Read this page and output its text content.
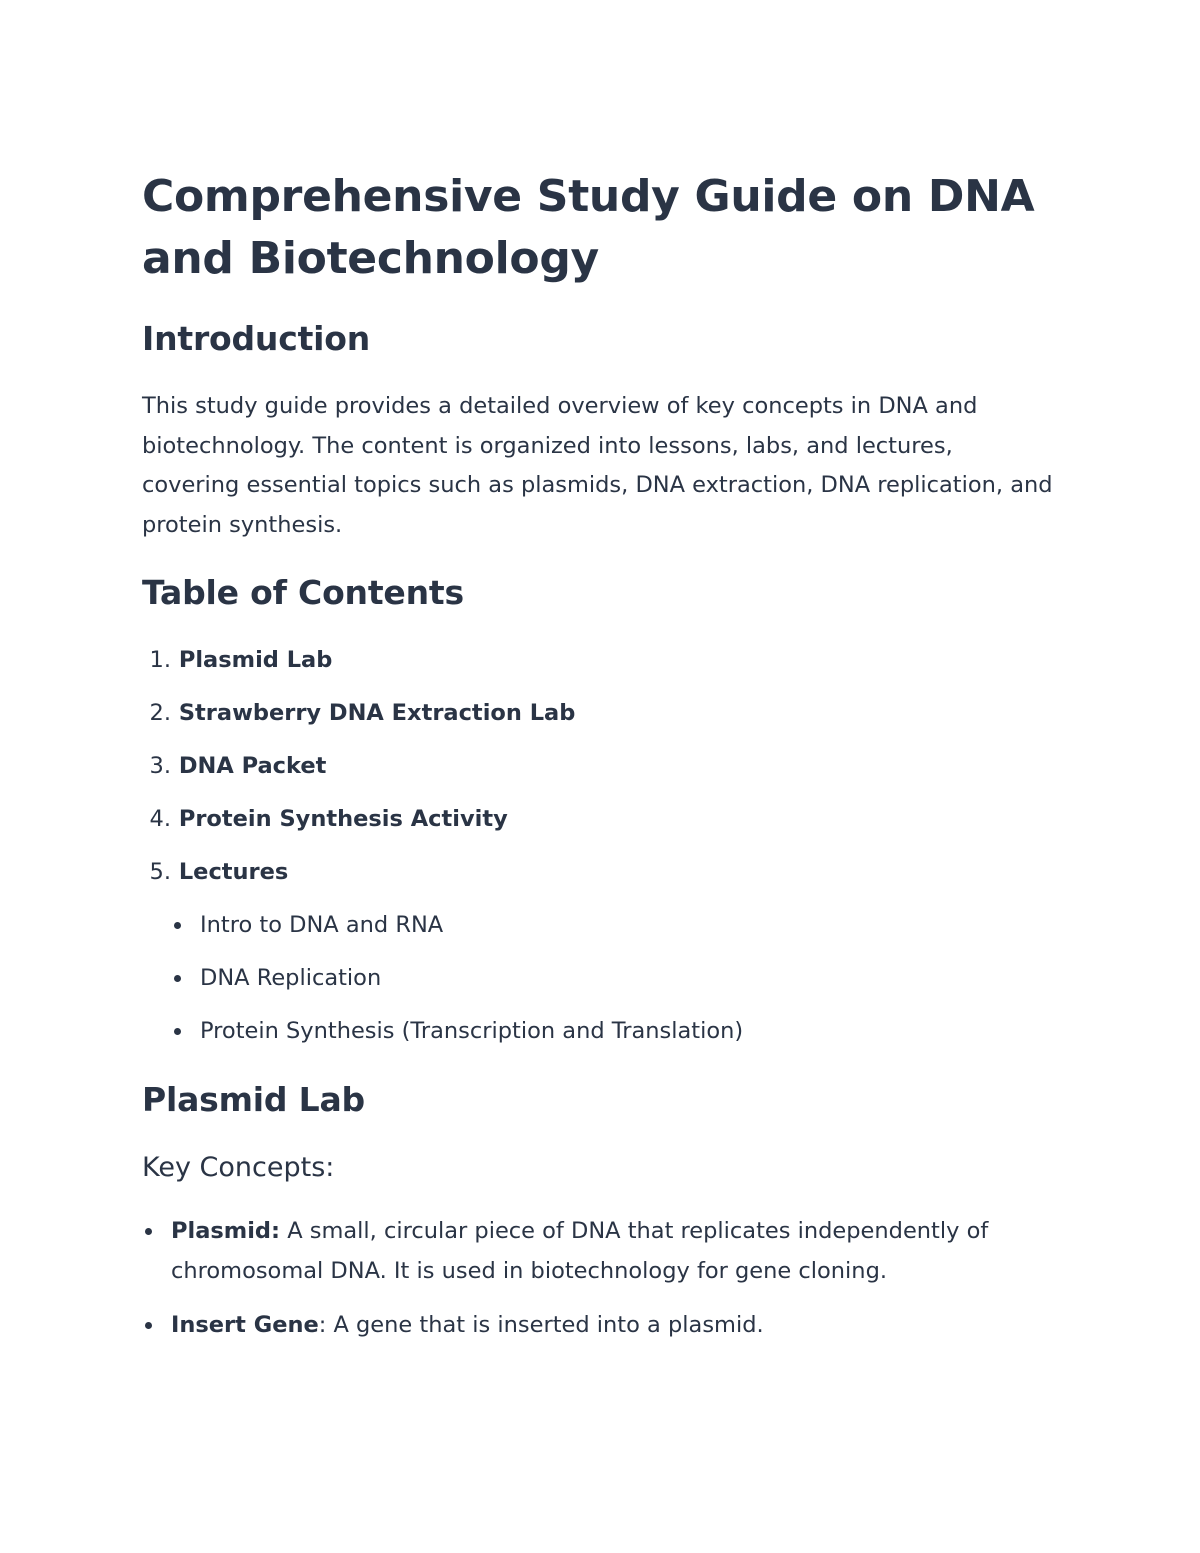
Comprehensive Study Guide on DNA and Biotechnology
Introduction

This study guide provides a detailed overview of key concepts in DNA and biotechnology. The content is organized into lessons, labs, and lectures, covering essential topics such as plasmids, DNA extraction, DNA replication, and protein synthesis.

Table of Contents
1. Plasmid Lab
2. Strawberry DNA Extraction Lab
3. DNA Packet
4. Protein Synthesis Activity
5. Lectures
Intro to DNA and RNA
DNA Replication
Protein Synthesis (Transcription and Translation)
Plasmid Lab
Key Concepts:
Plasmid: A small, circular piece of DNA that replicates independently of chromosomal DNA. It is used in biotechnology for gene cloning.
Insert Gene: A gene that is inserted into a plasmid.
